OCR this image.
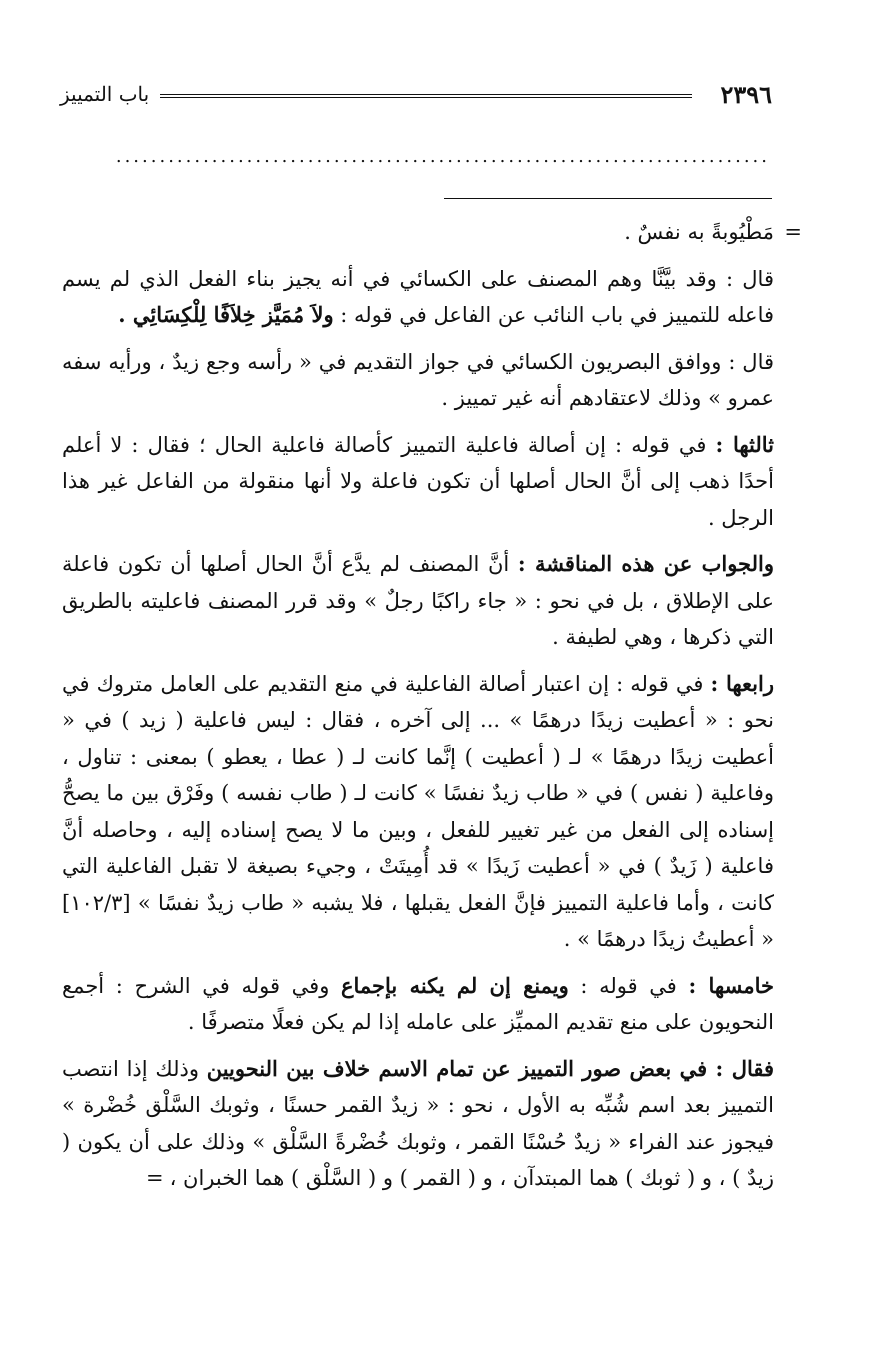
٢٣٩٦
باب التمييز
...........................................................................

=
مَطْيُوبةً به نفسٌ .

قال : وقد بيَّنَّا وهم المصنف على الكسائي في أنه يجيز بناء الفعل الذي لم يسم فاعله للتمييز في باب النائب عن الفاعل في قوله : ولاَ مُمَيَّز خِلاَفًا لِلْكِسَائِي .

قال : ووافق البصريون الكسائي في جواز التقديم في « رأسه وجع زيدٌ ، ورأيه سفه عمرو » وذلك لاعتقادهم أنه غير تمييز .

ثالثها : في قوله : إن أصالة فاعلية التمييز كأصالة فاعلية الحال ؛ فقال : لا أعلم أحدًا ذهب إلى أنَّ الحال أصلها أن تكون فاعلة ولا أنها منقولة من الفاعل غير هذا الرجل .

والجواب عن هذه المناقشة : أنَّ المصنف لم يدَّع أنَّ الحال أصلها أن تكون فاعلة على الإطلاق ، بل في نحو : « جاء راكبًا رجلٌ » وقد قرر المصنف فاعليته بالطريق التي ذكرها ، وهي لطيفة .

رابعها : في قوله : إن اعتبار أصالة الفاعلية في منع التقديم على العامل متروك في نحو : « أعطيت زيدًا درهمًا » ... إلى آخره ، فقال : ليس فاعلية ( زيد ) في « أعطيت زيدًا درهمًا » لـ ( أعطيت ) إنَّما كانت لـ ( عطا ، يعطو ) بمعنى : تناول ، وفاعلية ( نفس ) في « طاب زيدٌ نفسًا » كانت لـ ( طاب نفسه ) وفَرْق بين ما يصحُّ إسناده إلى الفعل من غير تغيير للفعل ، وبين ما لا يصح إسناده إليه ، وحاصله أنَّ فاعلية ( زَيدٌ ) في « أعطيت زَيدًا » قد أُمِيتَتْ ، وجيء بصيغة لا تقبل الفاعلية التي كانت ، وأما فاعلية التمييز فإنَّ الفعل يقبلها ، فلا يشبه « طاب زيدٌ نفسًا » [١٠٢/٣] « أعطيتُ زيدًا درهمًا » .

خامسها : في قوله : ويمنع إن لم يكنه بإجماع وفي قوله في الشرح : أجمع النحويون على منع تقديم المميِّز على عامله إذا لم يكن فعلًا متصرفًا .

فقال : في بعض صور التمييز عن تمام الاسم خلاف بين النحويين وذلك إذا انتصب التمييز بعد اسم شُبِّه به الأول ، نحو : « زيدٌ القمر حسنًا ، وثوبك السَّلْق خُضْرة » فيجوز عند الفراء « زيدٌ حُسْنًا القمر ، وثوبك خُضْرةً السَّلْق » وذلك على أن يكون ( زيدٌ ) ، و ( ثوبك ) هما المبتدآن ، و ( القمر ) و ( السَّلْق ) هما الخبران ،=
